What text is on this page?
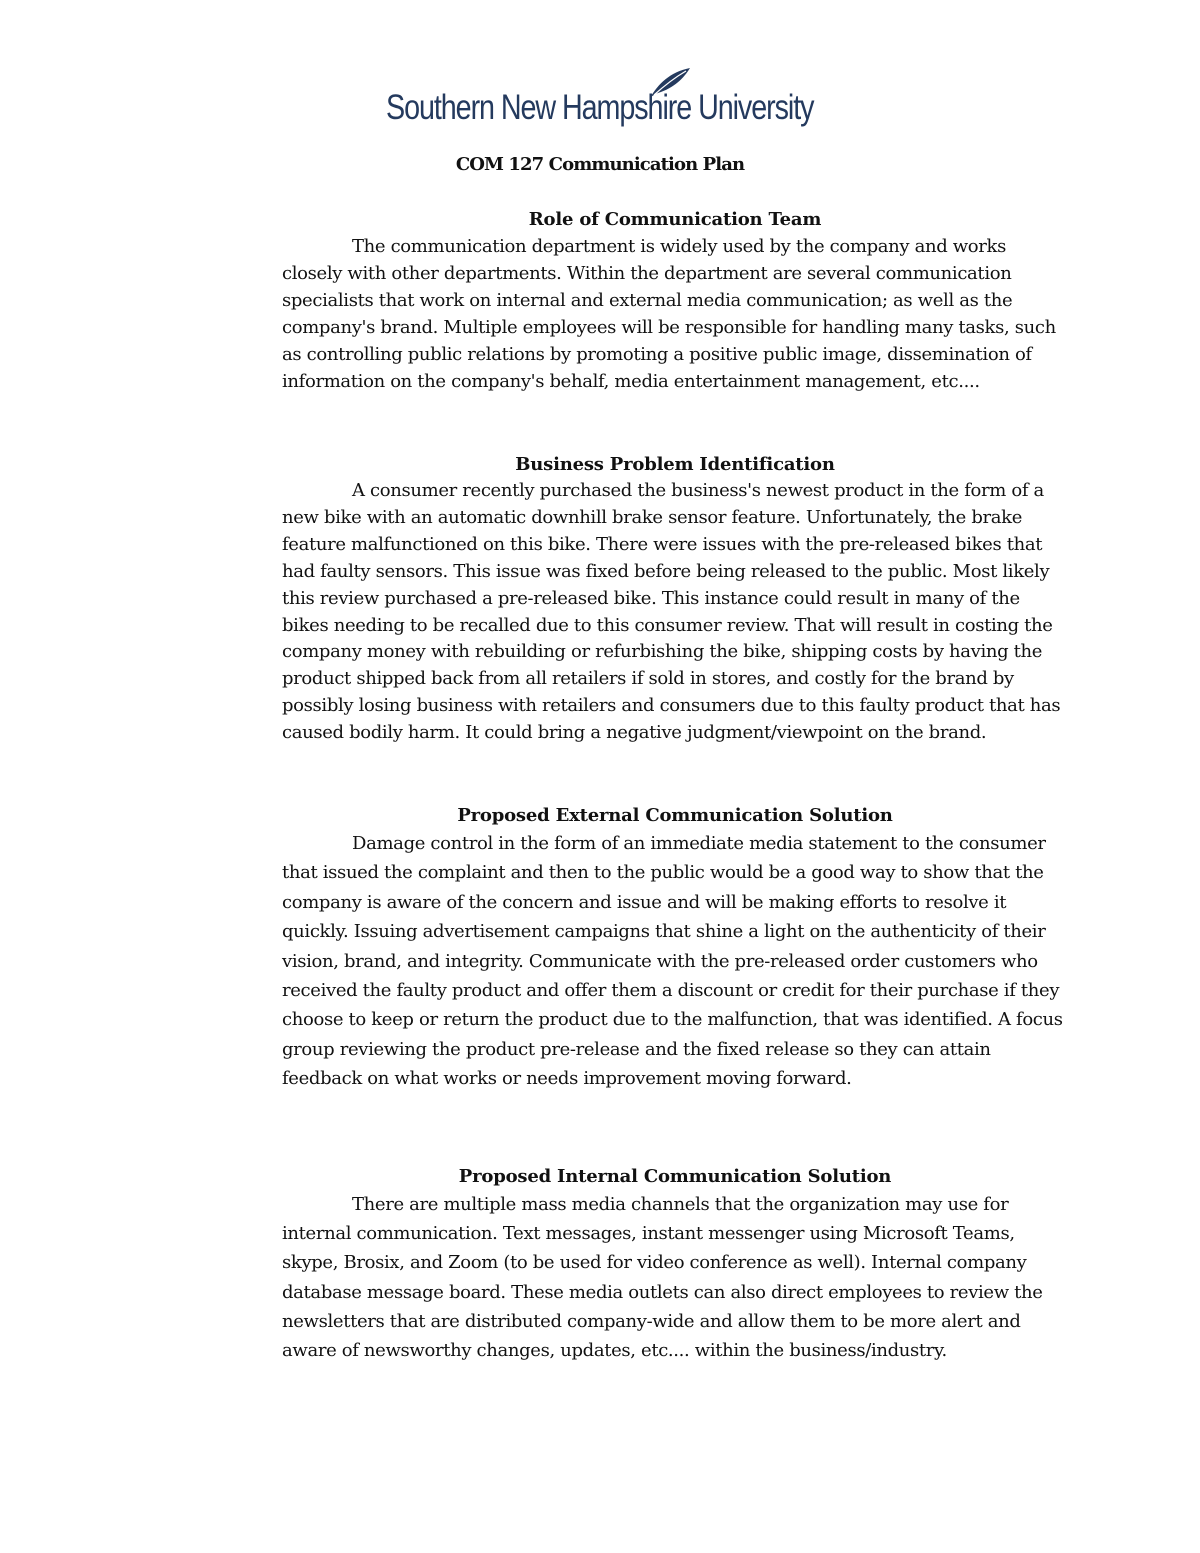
Southern New Hampshire University
COM 127 Communication Plan
Role of Communication Team

The communication department is widely used by the company and works closely with other departments. Within the department are several communication specialists that work on internal and external media communication; as well as the company's brand. Multiple employees will be responsible for handling many tasks, such as controlling public relations by promoting a positive public image, dissemination of information on the company's behalf, media entertainment management, etc....

Business Problem Identification

A consumer recently purchased the business's newest product in the form of a new bike with an automatic downhill brake sensor feature. Unfortunately, the brake feature malfunctioned on this bike. There were issues with the pre-released bikes that had faulty sensors. This issue was fixed before being released to the public. Most likely this review purchased a pre-released bike. This instance could result in many of the bikes needing to be recalled due to this consumer review. That will result in costing the company money with rebuilding or refurbishing the bike, shipping costs by having the product shipped back from all retailers if sold in stores, and costly for the brand by possibly losing business with retailers and consumers due to this faulty product that has caused bodily harm. It could bring a negative judgment/viewpoint on the brand.

Proposed External Communication Solution

Damage control in the form of an immediate media statement to the consumer that issued the complaint and then to the public would be a good way to show that the company is aware of the concern and issue and will be making efforts to resolve it quickly. Issuing advertisement campaigns that shine a light on the authenticity of their vision, brand, and integrity. Communicate with the pre-released order customers who received the faulty product and offer them a discount or credit for their purchase if they choose to keep or return the product due to the malfunction, that was identified. A focus group reviewing the product pre-release and the fixed release so they can attain feedback on what works or needs improvement moving forward.

Proposed Internal Communication Solution

There are multiple mass media channels that the organization may use for internal communication. Text messages, instant messenger using Microsoft Teams, skype, Brosix, and Zoom (to be used for video conference as well). Internal company database message board. These media outlets can also direct employees to review the newsletters that are distributed company-wide and allow them to be more alert and aware of newsworthy changes, updates, etc.... within the business/industry.
